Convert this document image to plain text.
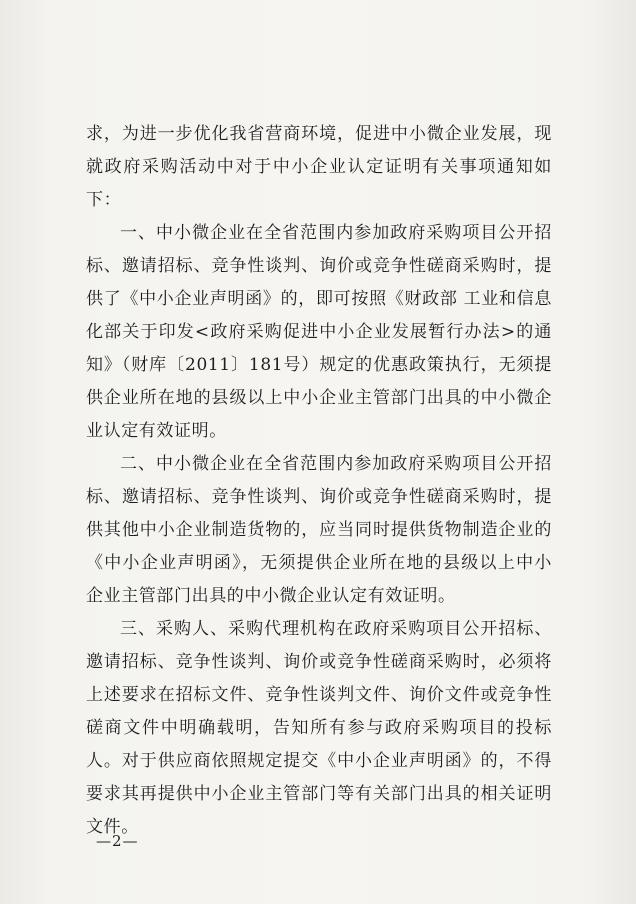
求，为进一步优化我省营商环境，促进中小微企业发展，现就政府采购活动中对于中小企业认定证明有关事项通知如下：

一、中小微企业在全省范围内参加政府采购项目公开招标、邀请招标、竞争性谈判、询价或竞争性磋商采购时，提供了《中小企业声明函》的，即可按照《财政部 工业和信息化部关于印发<政府采购促进中小企业发展暂行办法>的通知》（财库〔2011〕181号）规定的优惠政策执行，无须提供企业所在地的县级以上中小企业主管部门出具的中小微企业认定有效证明。

二、中小微企业在全省范围内参加政府采购项目公开招标、邀请招标、竞争性谈判、询价或竞争性磋商采购时，提供其他中小企业制造货物的，应当同时提供货物制造企业的《中小企业声明函》，无须提供企业所在地的县级以上中小企业主管部门出具的中小微企业认定有效证明。

三、采购人、采购代理机构在政府采购项目公开招标、邀请招标、竞争性谈判、询价或竞争性磋商采购时，必须将上述要求在招标文件、竞争性谈判文件、询价文件或竞争性磋商文件中明确载明，告知所有参与政府采购项目的投标人。对于供应商依照规定提交《中小企业声明函》的，不得要求其再提供中小企业主管部门等有关部门出具的相关证明文件。

—2—
